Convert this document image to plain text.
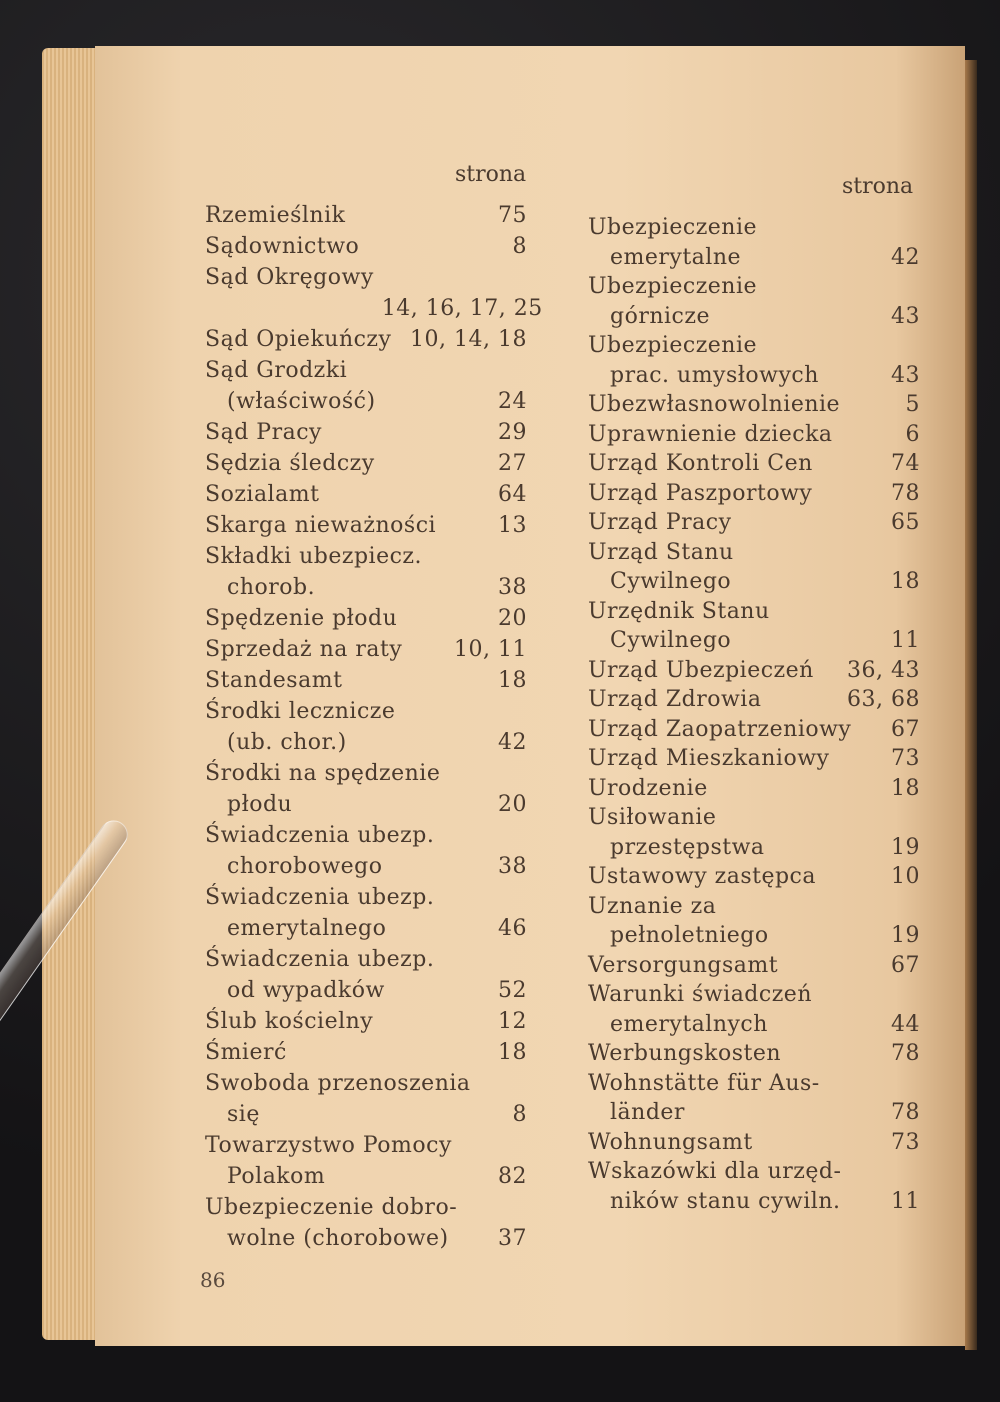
strona	strona
Rzemieślnik	75
Sądownictwo	8
Sąd Okręgowy

14, 16, 17, 25
Sąd Opiekuńczy 10, 14, 18
Sąd Grodzki
(właściwość)	24
Sąd Pracy	29
Sędzia śledczy	27
Sozialamt	64
Skarga nieważności	13
Składki ubezpiecz.
chorob.	38
Spędzenie płodu	20
Sprzedaż na raty	10, 11
Standesamt	18
Środki lecznicze
(ub. chor.)	42
Środki na spędzenie
płodu	20
Świadczenia ubezp.
chorobowego	38
Świadczenia ubezp.
emerytalnego	46
Świadczenia ubezp.
od wypadków	52
Ślub kościelny	12
Śmierć	18
Swoboda przenoszenia
się	8
Towarzystwo Pomocy
Polakom	82
Ubezpieczenie dobro-
wolne (chorobowe)	37
Ubezpieczenie
emerytalne	42
Ubezpieczenie
górnicze	43
Ubezpieczenie
prac. umysłowych	43
Ubezwłasnowolnienie	5
Uprawnienie dziecka	6
Urząd Kontroli Cen	74
Urząd Paszportowy	78
Urząd Pracy	65
Urząd Stanu
Cywilnego	18
Urzędnik Stanu
Cywilnego	11
Urząd Ubezpieczeń	36, 43
Urząd Zdrowia	63, 68
Urząd Zaopatrzeniowy	67
Urząd Mieszkaniowy	73
Urodzenie	18
Usiłowanie
przestępstwa	19
Ustawowy zastępca	10
Uznanie za
pełnoletniego	19
Versorgungsamt	67
Warunki świadczeń
emerytalnych	44
Werbungskosten	78
Wohnstätte für Aus-
länder	78
Wohnungsamt	73
Wskazówki dla urzęd-
ników stanu cywiln.	11
86
